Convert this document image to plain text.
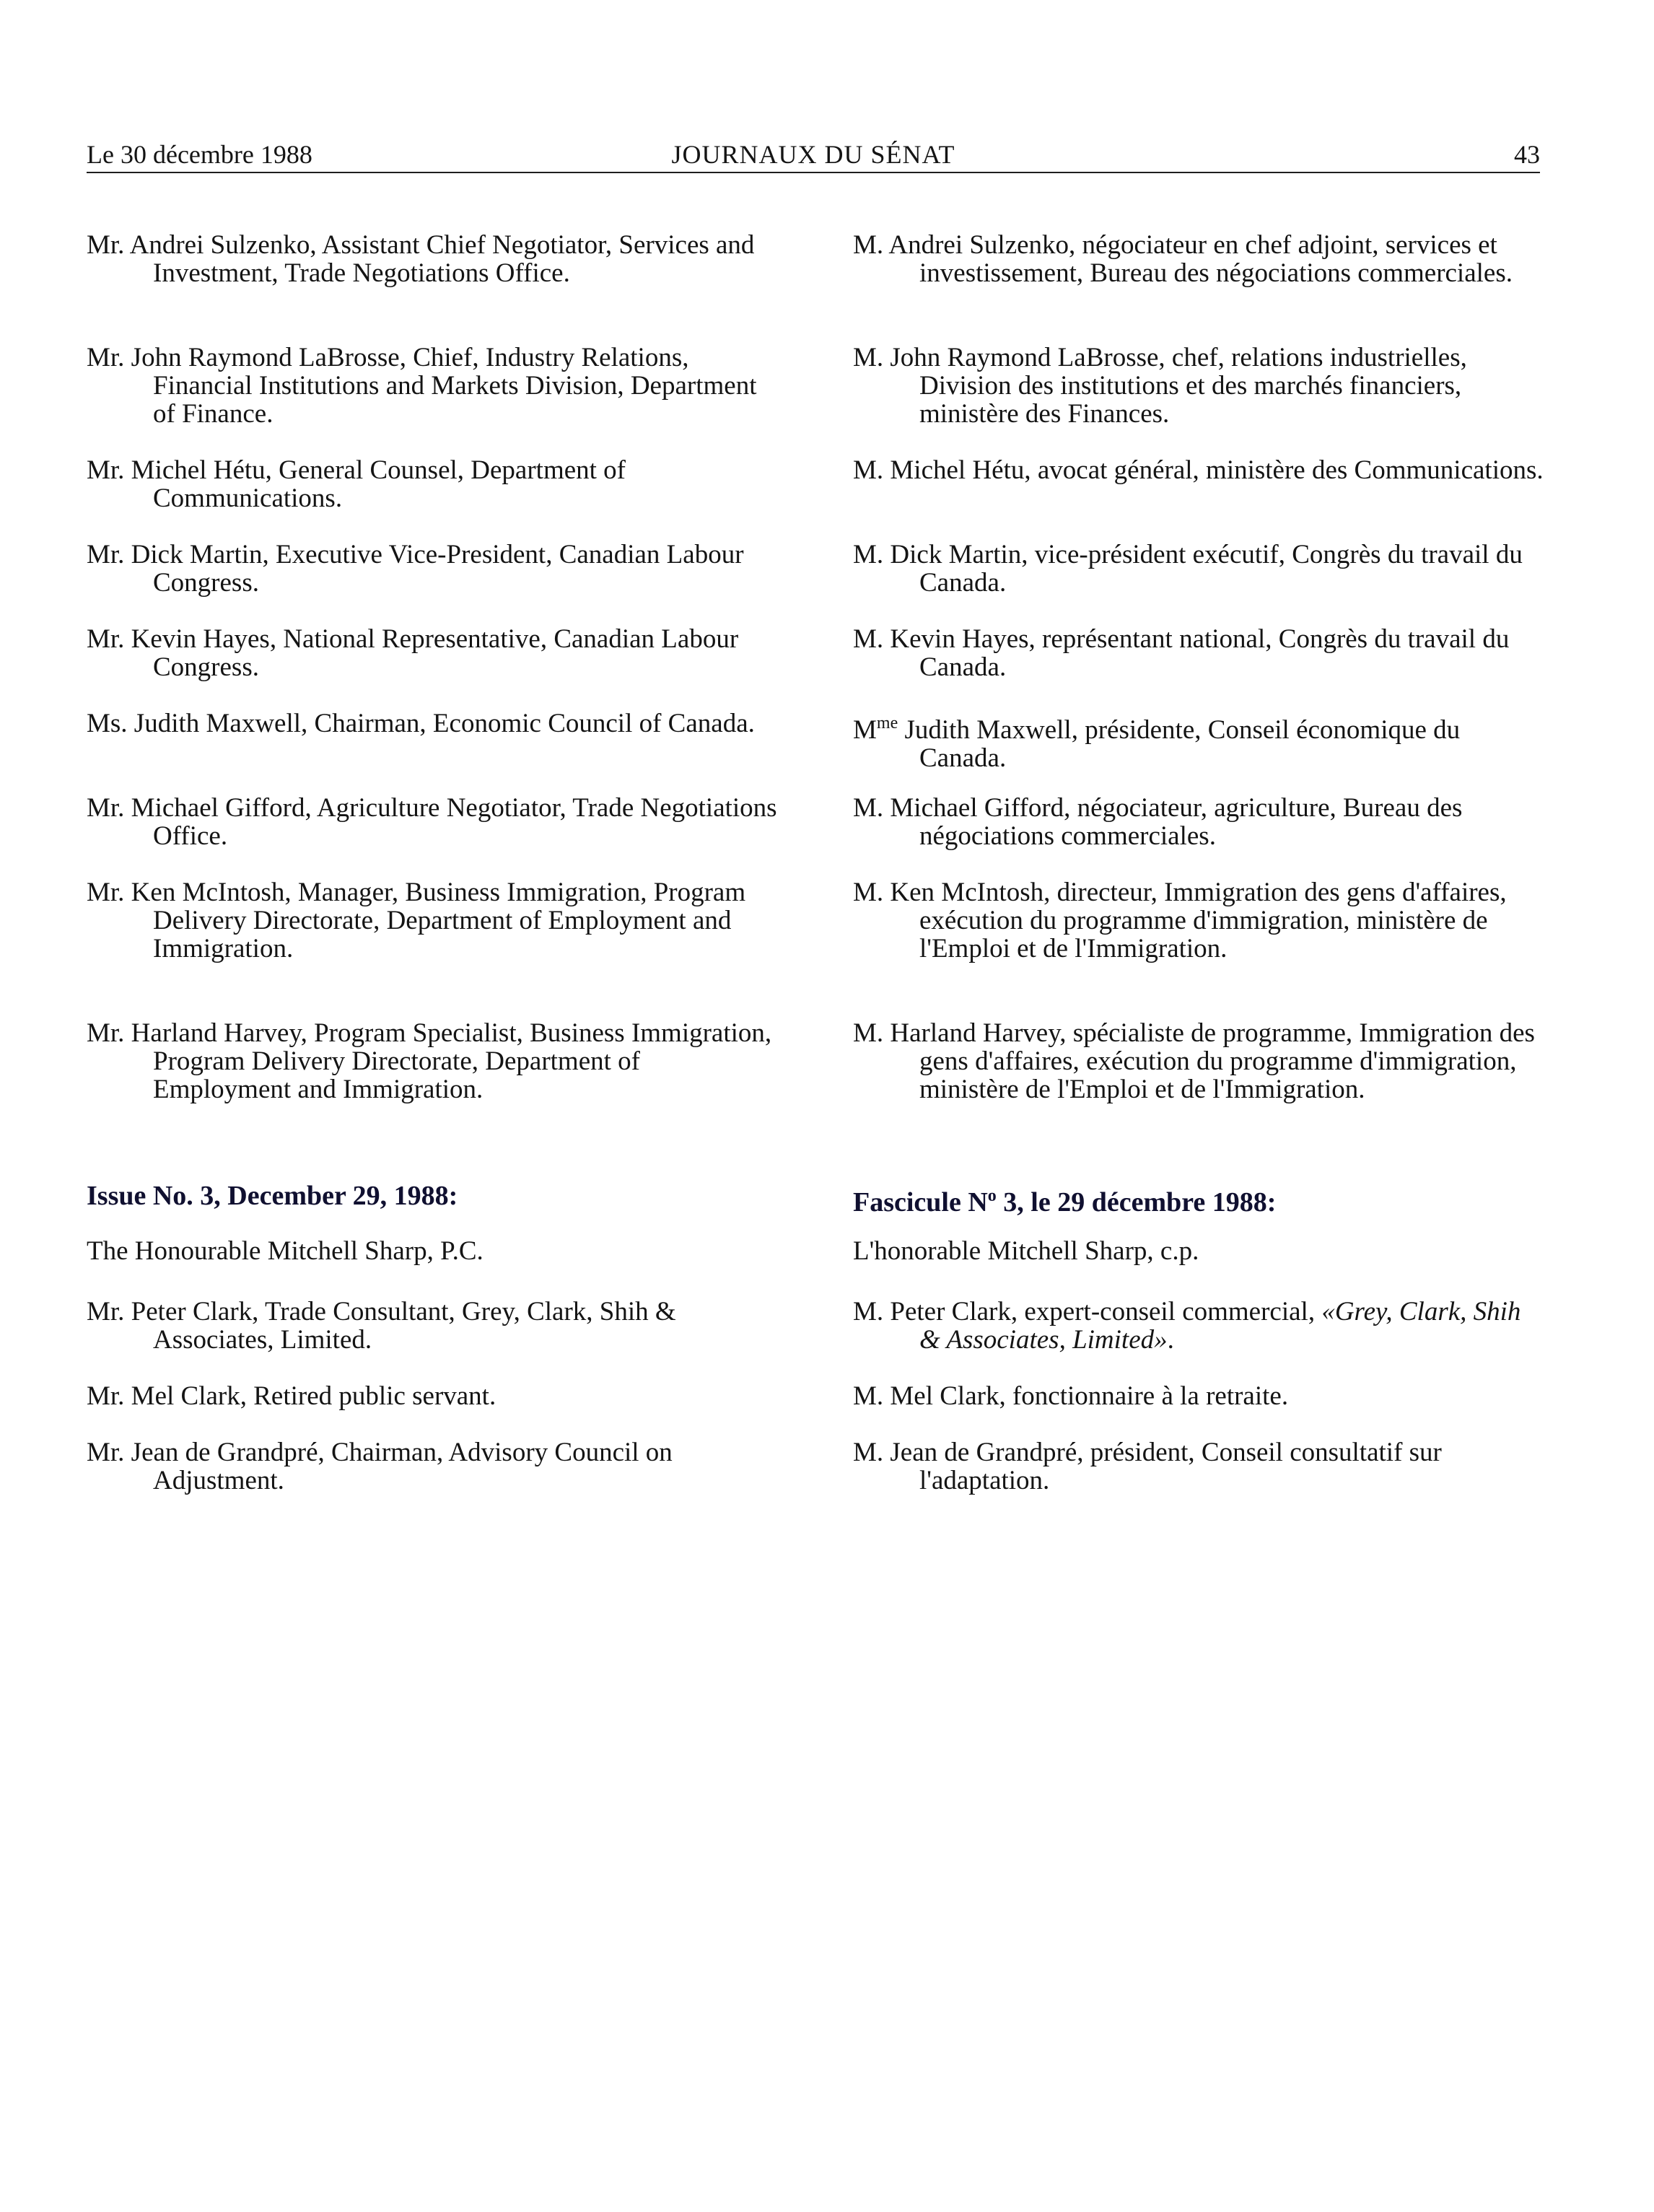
Le 30 décembre 1988	JOURNAUX DU SÉNAT	43
Mr. Andrei Sulzenko, Assistant Chief Negotiator, Services and Investment, Trade Negotiations Office.
Mr. John Raymond LaBrosse, Chief, Industry Relations, Financial Institutions and Markets Division, Department of Finance.
Mr. Michel Hétu, General Counsel, Department of Communications.
Mr. Dick Martin, Executive Vice-President, Canadian Labour Congress.
Mr. Kevin Hayes, National Representative, Canadian Labour Congress.
Ms. Judith Maxwell, Chairman, Economic Council of Canada.
Mr. Michael Gifford, Agriculture Negotiator, Trade Negotiations Office.
Mr. Ken McIntosh, Manager, Business Immigration, Program Delivery Directorate, Department of Employment and Immigration.
Mr. Harland Harvey, Program Specialist, Business Immigration, Program Delivery Directorate, Department of Employment and Immigration.
Issue No. 3, December 29, 1988:
The Honourable Mitchell Sharp, P.C.
Mr. Peter Clark, Trade Consultant, Grey, Clark, Shih & Associates, Limited.
Mr. Mel Clark, Retired public servant.
Mr. Jean de Grandpré, Chairman, Advisory Council on Adjustment.
M. Andrei Sulzenko, négociateur en chef adjoint, services et investissement, Bureau des négociations commerciales.
M. John Raymond LaBrosse, chef, relations industrielles, Division des institutions et des marchés financiers, ministère des Finances.
M. Michel Hétu, avocat général, ministère des Communications.
M. Dick Martin, vice-président exécutif, Congrès du travail du Canada.
M. Kevin Hayes, représentant national, Congrès du travail du Canada.
$M^{me}$ Judith Maxwell, présidente, Conseil économique du Canada.
M. Michael Gifford, négociateur, agriculture, Bureau des négociations commerciales.
M. Ken McIntosh, directeur, Immigration des gens d'affaires, exécution du programme d'immigration, ministère de l'Emploi et de l'Immigration.
M. Harland Harvey, spécialiste de programme, Immigration des gens d'affaires, exécution du programme d'immigration, ministère de l'Emploi et de l'Immigration.
Fascicule $N^o$ 3, le 29 décembre 1988:
L'honorable Mitchell Sharp, c.p.
M. Peter Clark, expert-conseil commercial, «Grey, Clark, Shih & Associates, Limited».
M. Mel Clark, fonctionnaire à la retraite.
M. Jean de Grandpré, président, Conseil consultatif sur l'adaptation.
